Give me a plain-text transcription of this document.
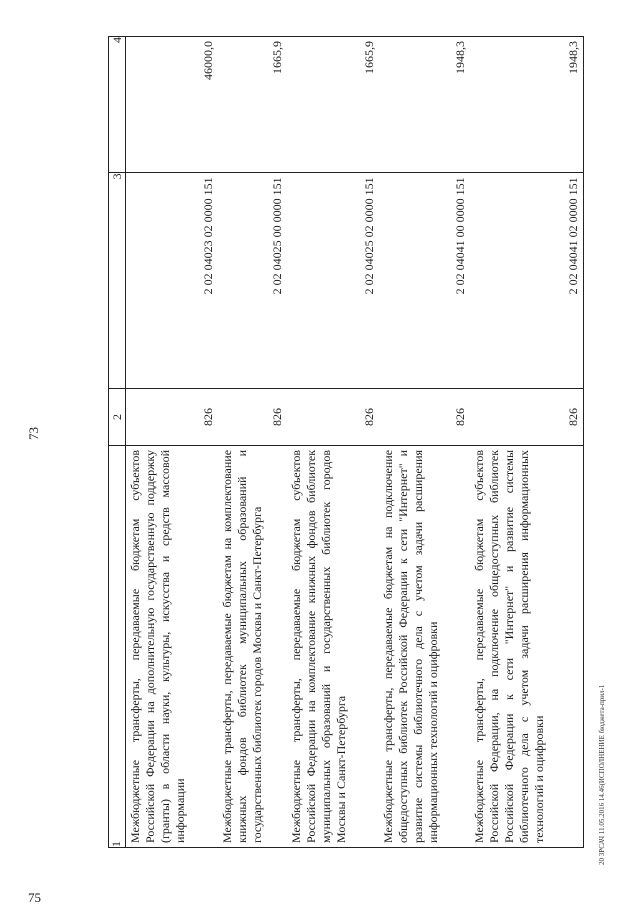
73
1	2	3	4
Межбюджетные трансферты, передаваемые бюджетам субъектов Российской Федерации на дополнительную государственную поддержку (гранты) в области науки, культуры, искусства и средств массовой информации	826	2 02 04023 02 0000 151	46000,0
Межбюджетные трансферты, передаваемые бюджетам на комплектование книжных фондов библиотек муниципальных образований и государственных библиотек городов Москвы и Санкт-Петербурга	826	2 02 04025 00 0000 151	1665,9
Межбюджетные трансферты, передаваемые бюджетам субъектов Российской Федерации на комплектование книжных фондов библиотек муниципальных образований и государственных библиотек городов Москвы и Санкт-Петербурга	826	2 02 04025 02 0000 151	1665,9
Межбюджетные трансферты, передаваемые бюджетам на подключение общедоступных библиотек Российской Федерации к сети "Интернет" и развитие системы библиотечного дела с учетом задачи расширения информационных технологий и оцифровки	826	2 02 04041 00 0000 151	1948,3
Межбюджетные трансферты, передаваемые бюджетам субъектов Российской Федерации, на подключение общедоступных библиотек Российской Федерации к сети "Интернет" и развитие системы библиотечного дела с учетом задачи расширения информационных технологий и оцифровки	826	2 02 04041 02 0000 151	1948,3
20 ЗРСАЧ 11.05.2016 14.46(ИСПОЛНЕНИЕ бюджета-прил-1
75
